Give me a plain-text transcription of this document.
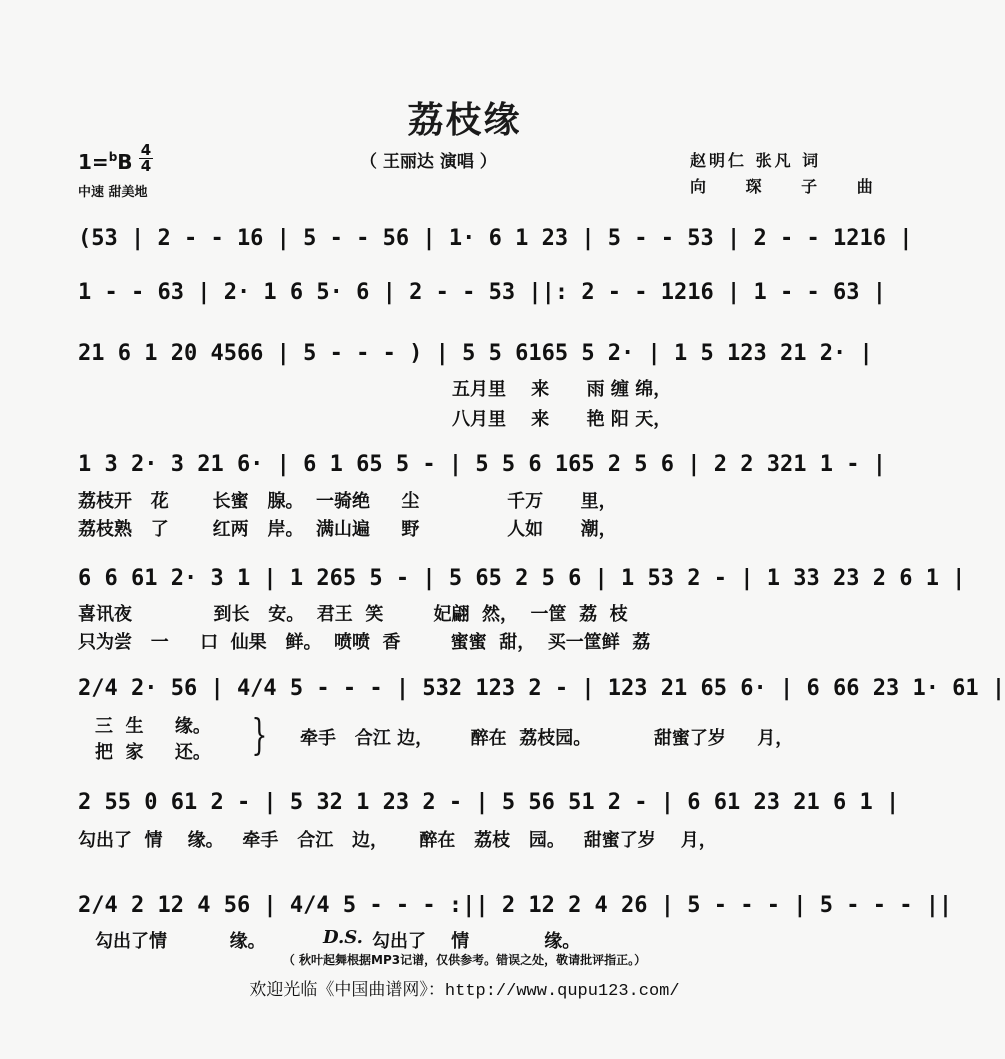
荔枝缘
（ 王丽达 演唱 ）
$1=^bB \frac{4}{4}$
中速 甜美地
赵明仁 张凡 词
向 琛 子 曲
(53 | 2 - - 16 | 5 - - 56 | 1· 6 1 23 | 5 - - 53 | 2 - - 1216 |
1 - - 63 | 2· 1 6 5· 6 | 2 - - 53 ||: 2 - - 1216 | 1 - - 63 |
21 6 1 20 4566 | 5 - - - ) | 5 5 6165 5 2· | 1 5 123 21 2· |
五月里    来      雨 缠 绵，
八月里    来      艳 阳 天，
1 3 2· 3 21 6· | 6 1 65 5 - | 5 5 6 165 2 5 6 | 2 2 321 1 - |
荔枝开   花       长蜜   腺。  一骑绝     尘              千万      里，
荔枝熟   了       红两   岸。  满山遍     野              人如      潮，
6 6 61 2· 3 1 | 1 265 5 - | 5 65 2 5 6 | 1 53 2 - | 1 33 23 2 6 1 |
喜讯夜             到长   安。  君王  笑        妃翩  然，  一筐  荔  枝
只为尝   一     口  仙果   鲜。  喷喷  香        蜜蜜  甜，  买一筐鲜  荔
2/4 2· 56 | 4/4 5 - - - | 532 123 2 - | 123 21 65 6· | 6 66 23 1· 61 |
三  生     缘。
把  家     还。 } 牵手   合江 边，      醉在  荔枝园。          甜蜜了岁     月，
2 55 0 61 2 - | 5 32 1 23 2 - | 5 56 51 2 - | 6 61 23 21 6 1 |
勾出了  情    缘。   牵手   合江   边，     醉在   荔枝   园。   甜蜜了岁    月，
2/4 2 12 4 56 | 4/4 5 - - - :|| 2 12 2 4 26 | 5 - - - | 5 - - - ||
勾出了情          缘。	D.S. 勾出了    情            缘。
（ 秋叶起舞根据MP3记谱，仅供参考。错误之处，敬请批评指正。）
欢迎光临《中国曲谱网》：http://www.qupu123.com/
